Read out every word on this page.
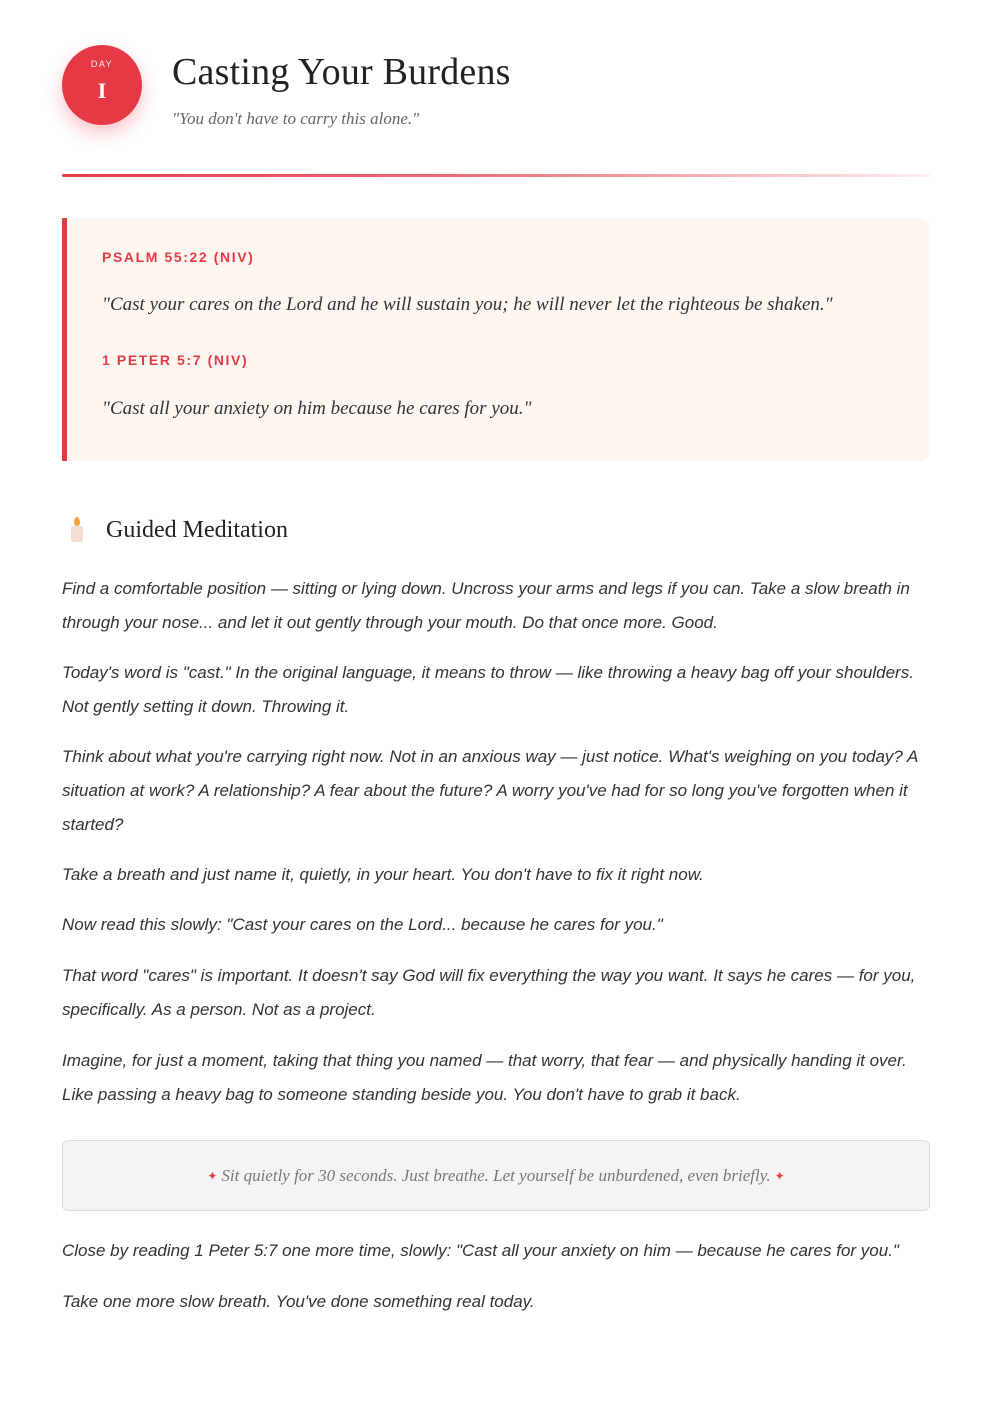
DAY
I	Casting Your Burdens
"You don't have to carry this alone."
PSALM 55:22 (NIV)
"Cast your cares on the Lord and he will sustain you; he will never let the righteous be shaken."
1 PETER 5:7 (NIV)
"Cast all your anxiety on him because he cares for you."
Guided Meditation

Find a comfortable position — sitting or lying down. Uncross your arms and legs if you can. Take a slow breath in through your nose... and let it out gently through your mouth. Do that once more. Good.

Today's word is "cast." In the original language, it means to throw — like throwing a heavy bag off your shoulders. Not gently setting it down. Throwing it.

Think about what you're carrying right now. Not in an anxious way — just notice. What's weighing on you today? A situation at work? A relationship? A fear about the future? A worry you've had for so long you've forgotten when it started?

Take a breath and just name it, quietly, in your heart. You don't have to fix it right now.

Now read this slowly: "Cast your cares on the Lord... because he cares for you."

That word "cares" is important. It doesn't say God will fix everything the way you want. It says he cares — for you, specifically. As a person. Not as a project.

Imagine, for just a moment, taking that thing you named — that worry, that fear — and physically handing it over. Like passing a heavy bag to someone standing beside you. You don't have to grab it back.

✦ Sit quietly for 30 seconds. Just breathe. Let yourself be unburdened, even briefly. ✦

Close by reading 1 Peter 5:7 one more time, slowly: "Cast all your anxiety on him — because he cares for you."

Take one more slow breath. You've done something real today.
